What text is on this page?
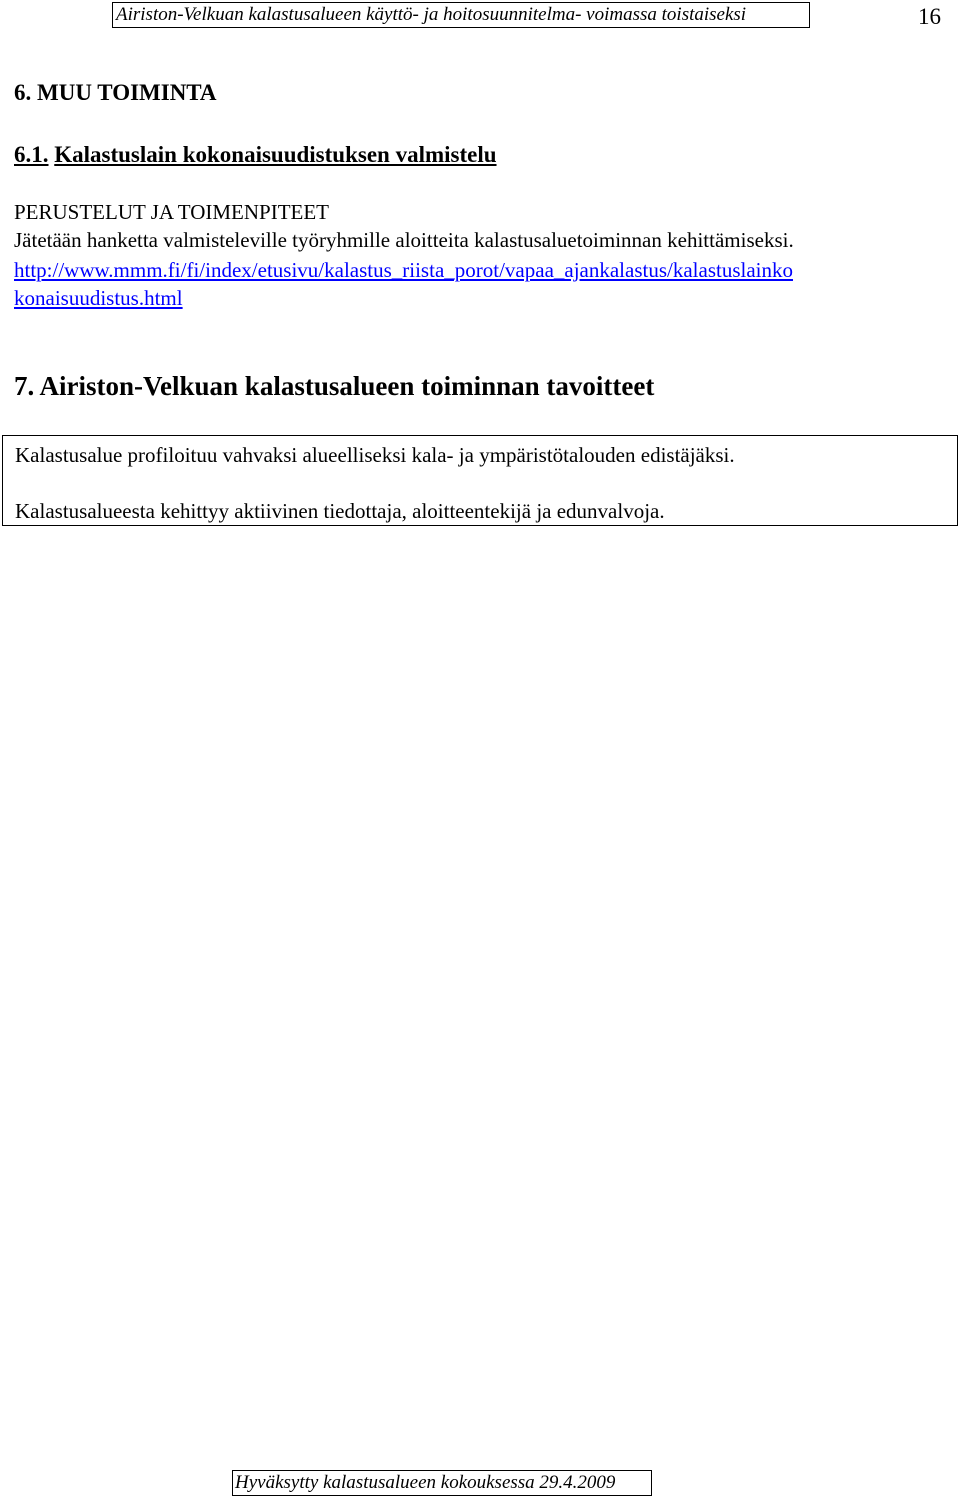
Airiston-Velkuan kalastusalueen käyttö- ja hoitosuunnitelma- voimassa toistaiseksi	16
6. MUU TOIMINTA
6.1. Kalastuslain kokonaisuudistuksen valmistelu
PERUSTELUT JA TOIMENPITEET
Jätetään hanketta valmisteleville työryhmille aloitteita kalastusaluetoiminnan kehittämiseksi.
http://www.mmm.fi/fi/index/etusivu/kalastus_riista_porot/vapaa_ajankalastus/kalastuslainko
konaisuudistus.html
7. Airiston-Velkuan kalastusalueen toiminnan tavoitteet
Kalastusalue profiloituu vahvaksi alueelliseksi kala- ja ympäristötalouden edistäjäksi.
Kalastusalueesta kehittyy aktiivinen tiedottaja, aloitteentekijä ja edunvalvoja.
Hyväksytty kalastusalueen kokouksessa 29.4.2009
